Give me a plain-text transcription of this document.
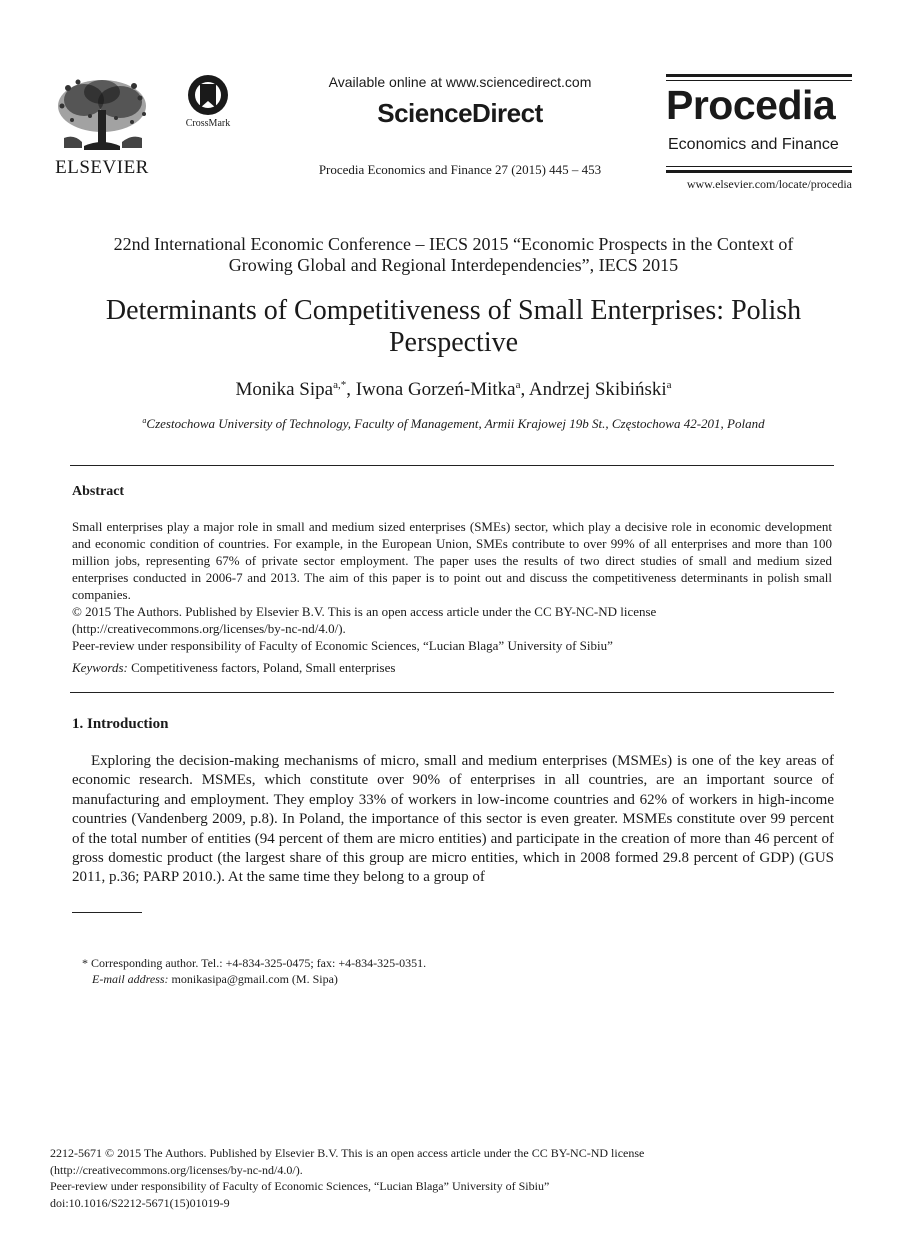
ELSEVIER
CrossMark
Available online at www.sciencedirect.com
ScienceDirect
Procedia Economics and Finance 27 (2015) 445 – 453
Procedia
Economics and Finance
www.elsevier.com/locate/procedia
22nd International Economic Conference – IECS 2015 “Economic Prospects in the Context of
Growing Global and Regional Interdependencies”, IECS 2015
Determinants of Competitiveness of Small Enterprises: Polish
Perspective
Monika Sipa$^{a,*}$, Iwona Gorzeń-Mitka$^a$, Andrzej Skibiński$^a$
$^a$Czestochowa University of Technology, Faculty of Management, Armii Krajowej 19b St., Częstochowa 42-201, Poland
Abstract

Small enterprises play a major role in small and medium sized enterprises (SMEs) sector, which play a decisive role in economic development and economic condition of countries. For example, in the European Union, SMEs contribute to over 99% of all enterprises and more than 100 million jobs, representing 67% of private sector employment. The paper uses the results of two direct studies of small and medium sized enterprises conducted in 2006-7 and 2013. The aim of this paper is to point out and discuss the competitiveness determinants in polish small companies.

© 2015 The Authors. Published by Elsevier B.V. This is an open access article under the CC BY-NC-ND license

(http://creativecommons.org/licenses/by-nc-nd/4.0/).

Peer-review under responsibility of Faculty of Economic Sciences, “Lucian Blaga” University of Sibiu”

Keywords: Competitiveness factors, Poland, Small enterprises

1. Introduction

Exploring the decision-making mechanisms of micro, small and medium enterprises (MSMEs) is one of the key areas of economic research. MSMEs, which constitute over 90% of enterprises in all countries, are an important source of manufacturing and employment. They employ 33% of workers in low-income countries and 62% of workers in high-income countries (Vandenberg 2009, p.8). In Poland, the importance of this sector is even greater. MSMEs constitute over 99 percent of the total number of entities (94 percent of them are micro entities) and participate in the creation of more than 46 percent of gross domestic product (the largest share of this group are micro entities, which in 2008 formed 29.8 percent of GDP) (GUS 2011, p.36; PARP 2010.). At the same time they belong to a group of

* Corresponding author. Tel.: +4-834-325-0475; fax: +4-834-325-0351.

E-mail address: monikasipa@gmail.com (M. Sipa)

2212-5671 © 2015 The Authors. Published by Elsevier B.V. This is an open access article under the CC BY-NC-ND license

(http://creativecommons.org/licenses/by-nc-nd/4.0/).

Peer-review under responsibility of Faculty of Economic Sciences, “Lucian Blaga” University of Sibiu”

doi:10.1016/S2212-5671(15)01019-9
